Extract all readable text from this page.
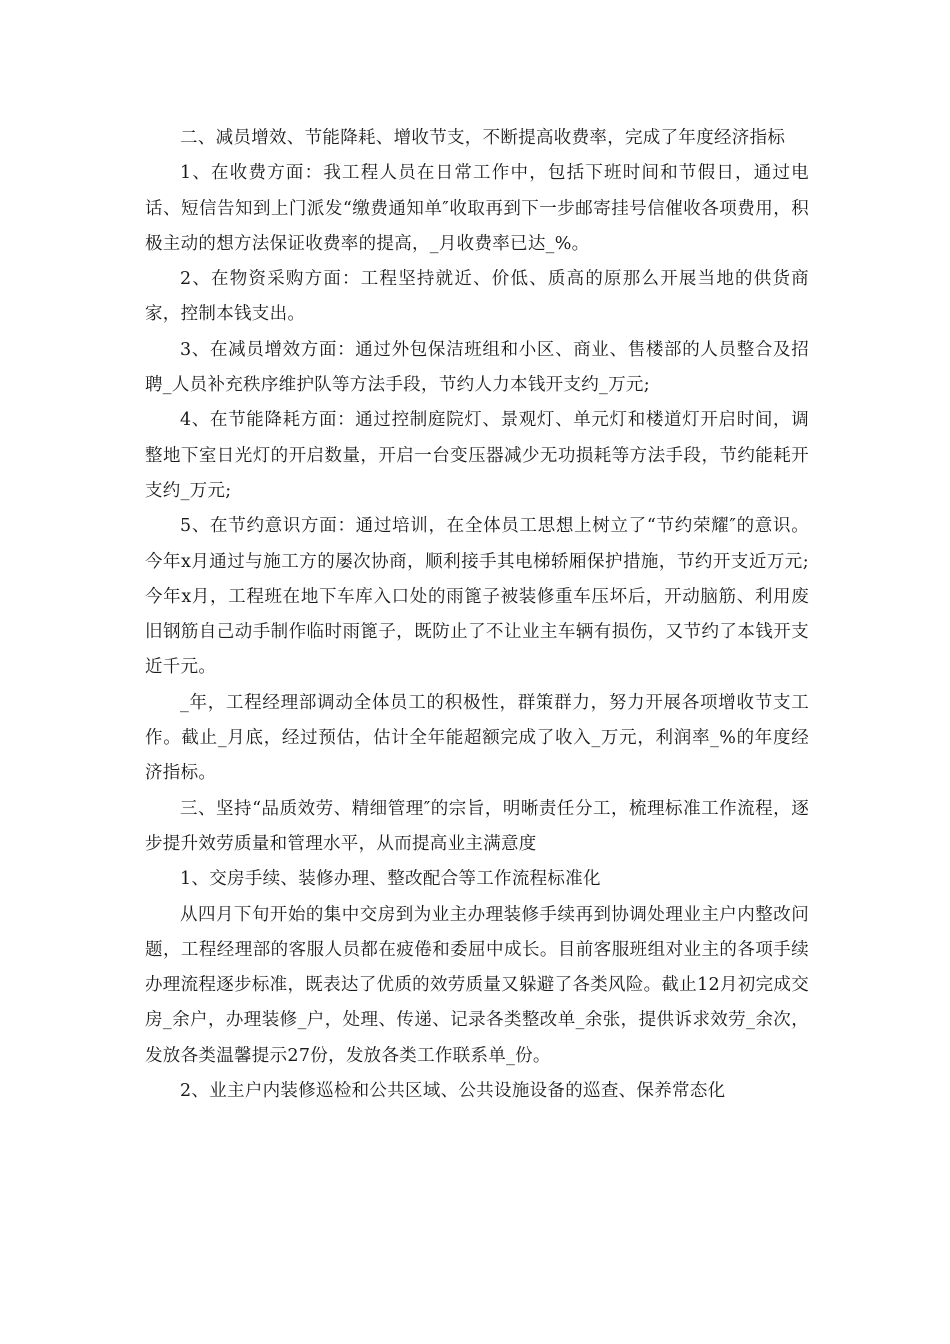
二、减员增效、节能降耗、增收节支，不断提高收费率，完成了年度经济指标

1、在收费方面：我工程人员在日常工作中，包括下班时间和节假日，通过电话、短信告知到上门派发“缴费通知单″收取再到下一步邮寄挂号信催收各项费用，积极主动的想方法保证收费率的提高，_月收费率已达_%。

2、在物资采购方面：工程坚持就近、价低、质高的原那么开展当地的供货商家，控制本钱支出。

3、在减员增效方面：通过外包保洁班组和小区、商业、售楼部的人员整合及招聘_人员补充秩序维护队等方法手段，节约人力本钱开支约_万元;

4、在节能降耗方面：通过控制庭院灯、景观灯、单元灯和楼道灯开启时间，调整地下室日光灯的开启数量，开启一台变压器减少无功损耗等方法手段，节约能耗开支约_万元;

5、在节约意识方面：通过培训，在全体员工思想上树立了“节约荣耀″的意识。今年x月通过与施工方的屡次协商，顺利接手其电梯轿厢保护措施，节约开支近万元;今年x月，工程班在地下车库入口处的雨篦子被装修重车压坏后，开动脑筋、利用废旧钢筋自己动手制作临时雨篦子，既防止了不让业主车辆有损伤，又节约了本钱开支近千元。

_年，工程经理部调动全体员工的积极性，群策群力，努力开展各项增收节支工作。截止_月底，经过预估，估计全年能超额完成了收入_万元，利润率_%的年度经济指标。

三、坚持“品质效劳、精细管理″的宗旨，明晰责任分工，梳理标准工作流程，逐步提升效劳质量和管理水平，从而提高业主满意度

1、交房手续、装修办理、整改配合等工作流程标准化

从四月下旬开始的集中交房到为业主办理装修手续再到协调处理业主户内整改问题，工程经理部的客服人员都在疲倦和委屈中成长。目前客服班组对业主的各项手续办理流程逐步标准，既表达了优质的效劳质量又躲避了各类风险。截止12月初完成交房_余户，办理装修_户，处理、传递、记录各类整改单_余张，提供诉求效劳_余次，发放各类温馨提示27份，发放各类工作联系单_份。

2、业主户内装修巡检和公共区域、公共设施设备的巡查、保养常态化
